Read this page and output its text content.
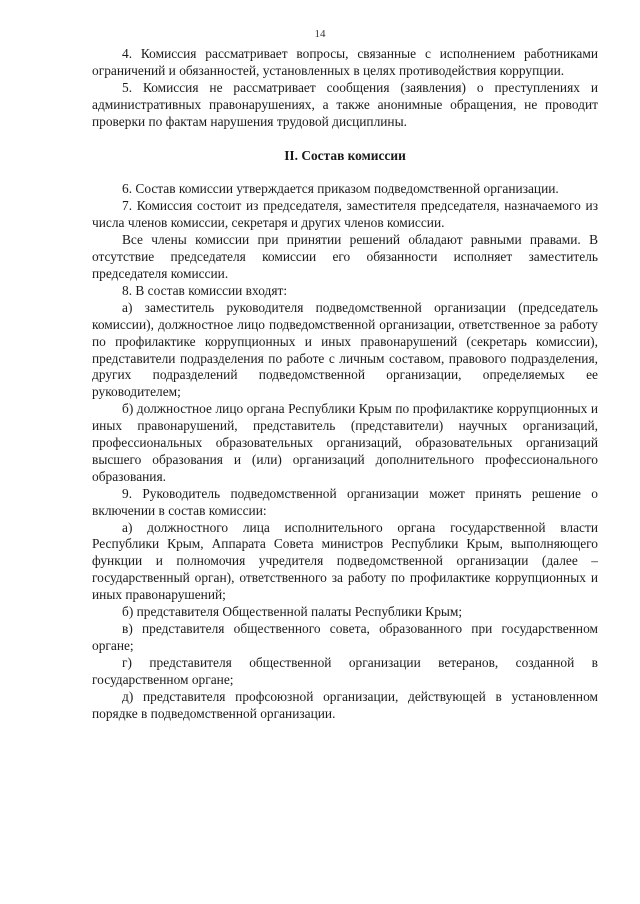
14

4. Комиссия рассматривает вопросы, связанные с исполнением работниками ограничений и обязанностей, установленных в целях противодействия коррупции.

5. Комиссия не рассматривает сообщения (заявления) о преступлениях и административных правонарушениях, а также анонимные обращения, не проводит проверки по фактам нарушения трудовой дисциплины.

II. Состав комиссии

6. Состав комиссии утверждается приказом подведомственной организации.

7. Комиссия состоит из председателя, заместителя председателя, назначаемого из числа членов комиссии, секретаря и других членов комиссии.

Все члены комиссии при принятии решений обладают равными правами. В отсутствие председателя комиссии его обязанности исполняет заместитель председателя комиссии.

8. В состав комиссии входят:

а) заместитель руководителя подведомственной организации (председатель комиссии), должностное лицо подведомственной организации, ответственное за работу по профилактике коррупционных и иных правонарушений (секретарь комиссии), представители подразделения по работе с личным составом, правового подразделения, других подразделений подведомственной организации, определяемых ее руководителем;

б) должностное лицо органа Республики Крым по профилактике коррупционных и иных правонарушений, представитель (представители) научных организаций, профессиональных образовательных организаций, образовательных организаций высшего образования и (или) организаций дополнительного профессионального образования.

9. Руководитель подведомственной организации может принять решение о включении в состав комиссии:

а) должностного лица исполнительного органа государственной власти Республики Крым, Аппарата Совета министров Республики Крым, выполняющего функции и полномочия учредителя подведомственной организации (далее – государственный орган), ответственного за работу по профилактике коррупционных и иных правонарушений;

б) представителя Общественной палаты Республики Крым;

в) представителя общественного совета, образованного при государственном органе;

г) представителя общественной организации ветеранов, созданной в государственном органе;

д) представителя профсоюзной организации, действующей в установленном порядке в подведомственной организации.
